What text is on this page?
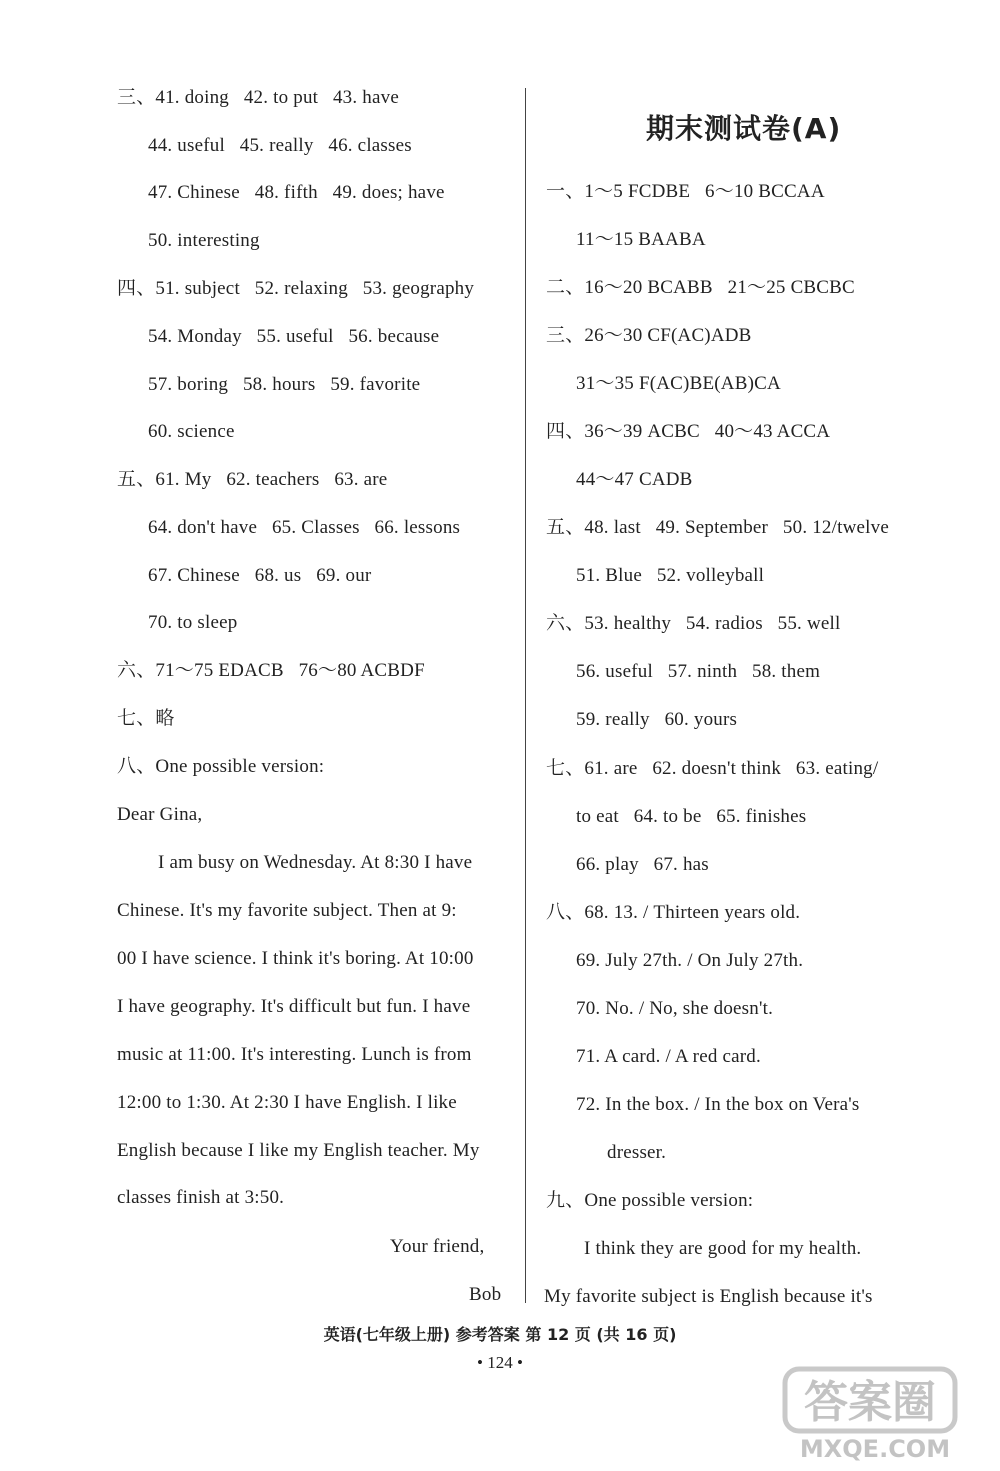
三、41. doing   42. to put   43. have
44. useful   45. really   46. classes
47. Chinese   48. fifth   49. does; have
50. interesting
四、51. subject   52. relaxing   53. geography
54. Monday   55. useful   56. because
57. boring   58. hours   59. favorite
60. science
五、61. My   62. teachers   63. are
64. don't have   65. Classes   66. lessons
67. Chinese   68. us   69. our
70. to sleep
六、71～75 EDACB   76～80 ACBDF
七、略
八、One possible version:
Dear Gina,
I am busy on Wednesday. At 8:30 I have
Chinese. It's my favorite subject. Then at 9:
00 I have science. I think it's boring. At 10:00
I have geography. It's difficult but fun. I have
music at 11:00. It's interesting. Lunch is from
12:00 to 1:30. At 2:30 I have English. I like
English because I like my English teacher. My
classes finish at 3:50.
Your friend,
Bob
期末测试卷(A)
一、1～5 FCDBE   6～10 BCCAA
11～15 BAABA
二、16～20 BCABB   21～25 CBCBC
三、26～30 CF(AC)ADB
31～35 F(AC)BE(AB)CA
四、36～39 ACBC   40～43 ACCA
44～47 CADB
五、48. last   49. September   50. 12/twelve
51. Blue   52. volleyball
六、53. healthy   54. radios   55. well
56. useful   57. ninth   58. them
59. really   60. yours
七、61. are   62. doesn't think   63. eating/
to eat   64. to be   65. finishes
66. play   67. has
八、68. 13. / Thirteen years old.
69. July 27th. / On July 27th.
70. No. / No, she doesn't.
71. A card. / A red card.
72. In the box. / In the box on Vera's
dresser.
九、One possible version:
I think they are good for my health.
My favorite subject is English because it's
英语(七年级上册) 参考答案 第 12 页 (共 16 页)
• 124 •
答案圈
MXQE.COM
